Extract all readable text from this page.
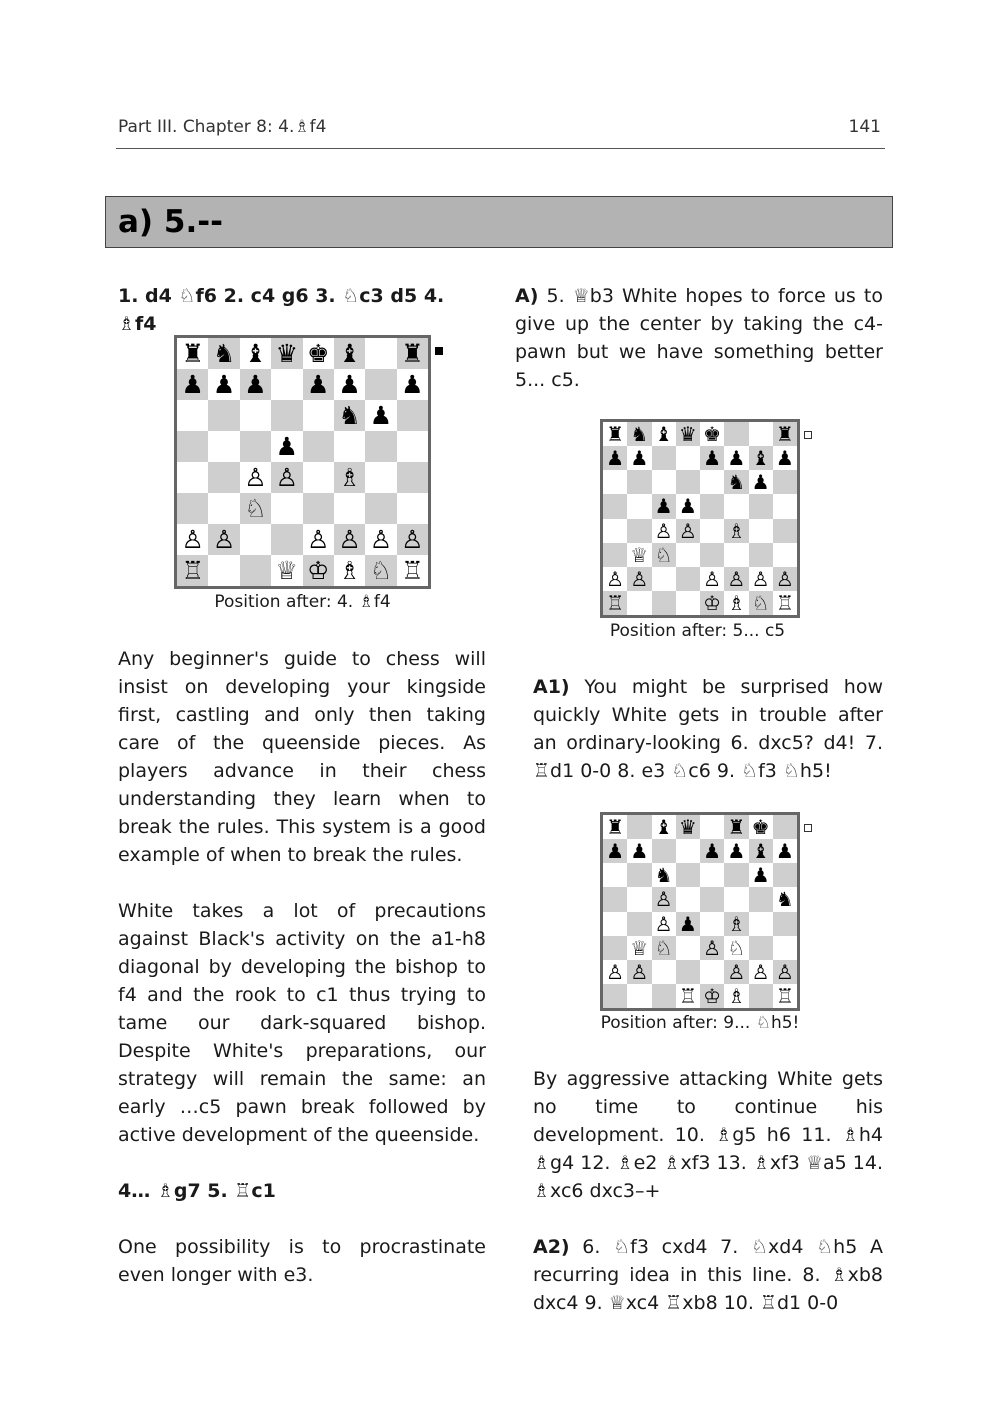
Part III. Chapter 8: 4.♗f4	141
a) 5.--

1. d4 ♘f6 2. c4 g6 3. ♘c3 d5 4. ♗f4

♜ ♞ ♝ ♛ ♚ ♝ ♜
♟ ♟ ♟ ♟ ♟ ♟
♞ ♟
♟
♙ ♙ ♗
♘
♙ ♙	♙ ♙ ♙ ♙
♖	♕ ♔ ♗ ♘ ♖
Position after: 4. ♗f4

Any beginner's guide to chess will insist on developing your kingside first, castling and only then taking care of the queenside pieces. As players advance in their chess understanding they learn when to break the rules. This system is a good example of when to break the rules.

White takes a lot of precautions against Black's activity on the a1-h8 diagonal by developing the bishop to f4 and the rook to c1 thus trying to tame our dark-squared bishop. Despite White's preparations, our strategy will remain the same: an early …c5 pawn break followed by active development of the queenside.

4… ♗g7 5. ♖c1

One possibility is to procrastinate even longer with e3.

A) 5. ♕b3 White hopes to force us to give up the center by taking the c4-pawn but we have something better 5... c5.

♜ ♞ ♝ ♛ ♚	♜
♟ ♟	♟ ♟ ♝ ♟
♞ ♟
♟ ♟
♙ ♙ ♗
♕ ♘
♙ ♙	♙ ♙ ♙ ♙
♖	♔ ♗ ♘ ♖
Position after: 5... c5

A1) You might be surprised how quickly White gets in trouble after an ordinary-looking 6. dxc5? d4! 7. ♖d1 0-0 8. e3 ♘c6 9. ♘f3 ♘h5!

♜ ♝ ♛ ♜ ♚
♟ ♟	♟ ♟ ♝ ♟
♞	♟
♙	♞
♙ ♟ ♗
♕ ♘ ♙ ♘
♙ ♙	♙ ♙ ♙
♖ ♔ ♗ ♖
Position after: 9... ♘h5!

By aggressive attacking White gets no time to continue his development. 10. ♗g5 h6 11. ♗h4 ♗g4 12. ♗e2 ♗xf3 13. ♗xf3 ♕a5 14. ♗xc6 dxc3–+

A2) 6. ♘f3 cxd4 7. ♘xd4 ♘h5 A recurring idea in this line. 8. ♗xb8 dxc4 9. ♕xc4 ♖xb8 10. ♖d1 0-0
